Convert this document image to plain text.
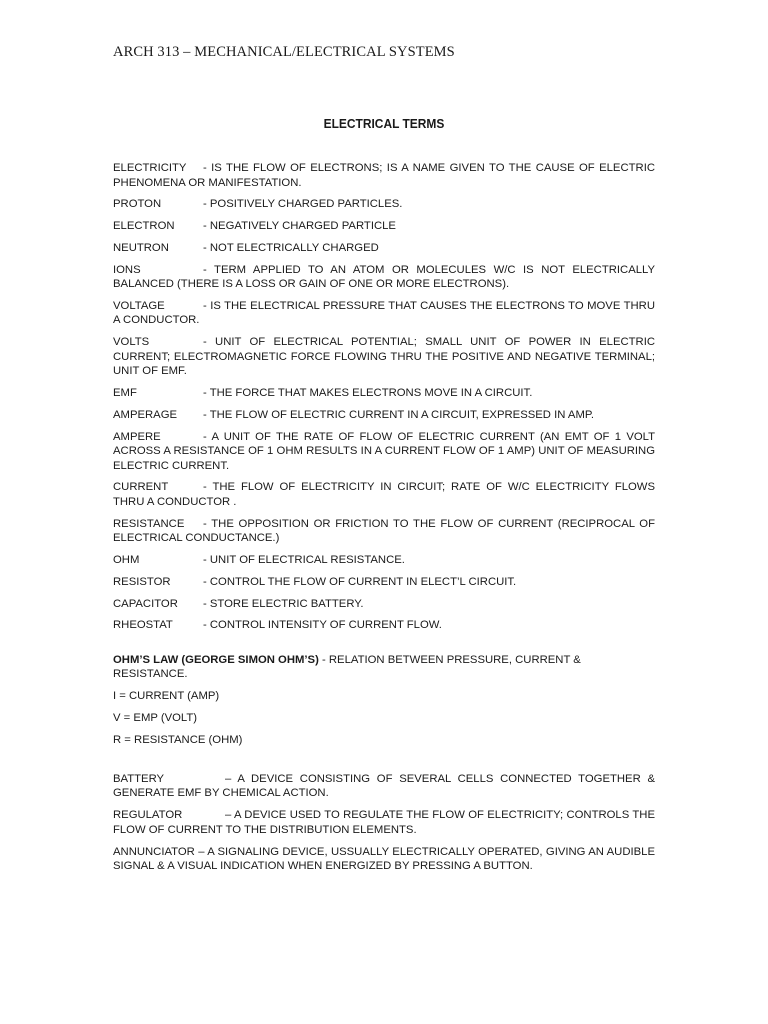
ARCH 313 – MECHANICAL/ELECTRICAL SYSTEMS
ELECTRICAL TERMS
ELECTRICITY - IS THE FLOW OF ELECTRONS; IS A NAME GIVEN TO THE CAUSE OF ELECTRIC PHENOMENA OR MANIFESTATION.
PROTON	- POSITIVELY CHARGED PARTICLES.
ELECTRON	- NEGATIVELY CHARGED PARTICLE
NEUTRON	- NOT ELECTRICALLY CHARGED
IONS	- TERM APPLIED TO AN ATOM OR MOLECULES W/C IS NOT ELECTRICALLY BALANCED (THERE IS A LOSS OR GAIN OF ONE OR MORE ELECTRONS).
VOLTAGE	- IS THE ELECTRICAL PRESSURE THAT CAUSES THE ELECTRONS TO MOVE THRU A CONDUCTOR.
VOLTS	- UNIT OF ELECTRICAL POTENTIAL; SMALL UNIT OF POWER IN ELECTRIC CURRENT; ELECTROMAGNETIC FORCE FLOWING THRU THE POSITIVE AND NEGATIVE TERMINAL; UNIT OF EMF.
EMF	- THE FORCE THAT MAKES ELECTRONS MOVE IN A CIRCUIT.
AMPERAGE - THE FLOW OF ELECTRIC CURRENT IN A CIRCUIT, EXPRESSED IN AMP.
AMPERE	- A UNIT OF THE RATE OF FLOW OF ELECTRIC CURRENT (AN EMT OF 1 VOLT ACROSS A RESISTANCE OF 1 OHM RESULTS IN A CURRENT FLOW OF 1 AMP) UNIT OF MEASURING ELECTRIC CURRENT.
CURRENT	- THE FLOW OF ELECTRICITY IN CIRCUIT; RATE OF W/C ELECTRICITY FLOWS THRU A CONDUCTOR .
RESISTANCE - THE OPPOSITION OR FRICTION TO THE FLOW OF CURRENT (RECIPROCAL OF ELECTRICAL CONDUCTANCE.)
OHM	- UNIT OF ELECTRICAL RESISTANCE.
RESISTOR	- CONTROL THE FLOW OF CURRENT IN ELECT’L CIRCUIT.
CAPACITOR - STORE ELECTRIC BATTERY.
RHEOSTAT	- CONTROL INTENSITY OF CURRENT FLOW.
OHM’S LAW (GEORGE SIMON OHM’S) - RELATION BETWEEN PRESSURE, CURRENT & RESISTANCE.
I = CURRENT (AMP)
V = EMP (VOLT)
R = RESISTANCE (OHM)
BATTERY	– A DEVICE CONSISTING OF SEVERAL CELLS CONNECTED TOGETHER & GENERATE EMF BY CHEMICAL ACTION.
REGULATOR	– A DEVICE USED TO REGULATE THE FLOW OF ELECTRICITY; CONTROLS THE FLOW OF CURRENT TO THE DISTRIBUTION ELEMENTS.
ANNUNCIATOR – A SIGNALING DEVICE, USSUALLY ELECTRICALLY OPERATED, GIVING AN AUDIBLE SIGNAL & A VISUAL INDICATION WHEN ENERGIZED BY PRESSING A BUTTON.
